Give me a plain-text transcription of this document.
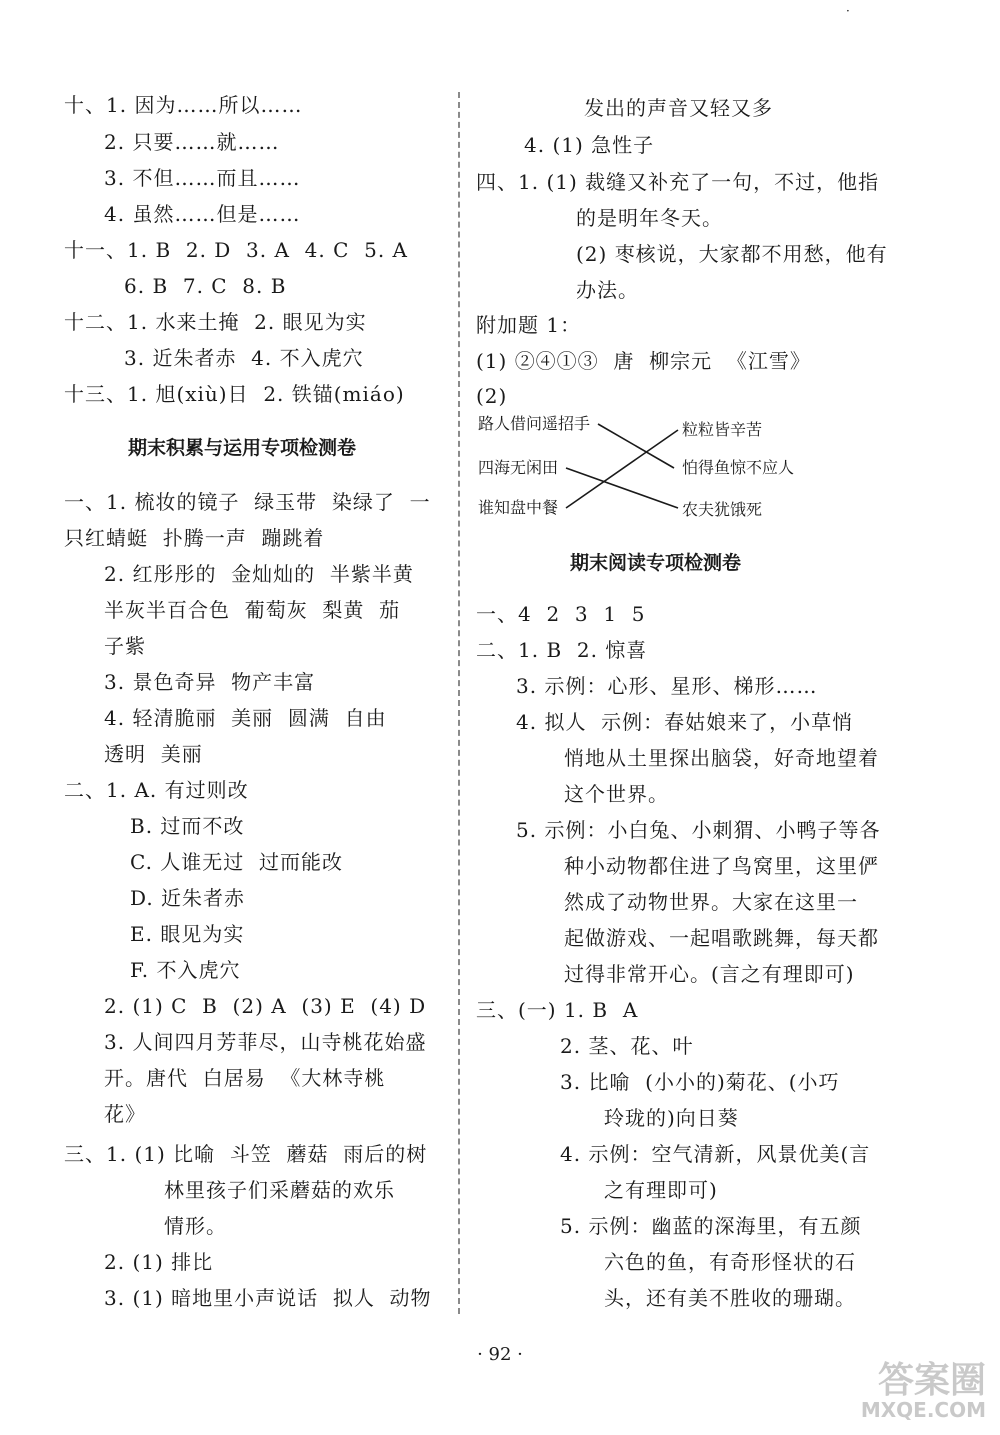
·
十、1. 因为……所以……
2. 只要……就……
3. 不但……而且……
4. 虽然……但是……
十一、1. B  2. D  3. A  4. C  5. A
6. B  7. C  8. B
十二、1. 水来土掩  2. 眼见为实
3. 近朱者赤  4. 不入虎穴
十三、1. 旭(xiù)日  2. 铁锚(miáo)
期末积累与运用专项检测卷
一、1. 梳妆的镜子  绿玉带  染绿了  一
只红蜻蜓  扑腾一声  蹦跳着
2. 红彤彤的  金灿灿的  半紫半黄
半灰半百合色  葡萄灰  梨黄  茄
子紫
3. 景色奇异  物产丰富
4. 轻清脆丽  美丽  圆满  自由
透明  美丽
二、1. A. 有过则改
B. 过而不改
C. 人谁无过  过而能改
D. 近朱者赤
E. 眼见为实
F. 不入虎穴
2. (1) C  B  (2) A  (3) E  (4) D
3. 人间四月芳菲尽，山寺桃花始盛
开。唐代  白居易  《大林寺桃
花》
三、1. (1) 比喻  斗笠  蘑菇  雨后的树
林里孩子们采蘑菇的欢乐
情形。
2. (1) 排比
3. (1) 暗地里小声说话  拟人  动物
发出的声音又轻又多
4. (1) 急性子
四、1. (1) 裁缝又补充了一句，不过，他指
的是明年冬天。
(2) 枣核说，大家都不用愁，他有
办法。
附加题 1：
(1) ②④①③  唐  柳宗元  《江雪》
(2)
期末阅读专项检测卷
一、4  2  3  1  5
二、1. B  2. 惊喜
3. 示例：心形、星形、梯形……
4. 拟人  示例：春姑娘来了，小草悄
悄地从土里探出脑袋，好奇地望着
这个世界。
5. 示例：小白兔、小刺猬、小鸭子等各
种小动物都住进了鸟窝里，这里俨
然成了动物世界。大家在这里一
起做游戏、一起唱歌跳舞，每天都
过得非常开心。(言之有理即可)
三、(一) 1. B  A
2. 茎、花、叶
3. 比喻  (小小的)菊花、(小巧
玲珑的)向日葵
4. 示例：空气清新，风景优美(言
之有理即可)
5. 示例：幽蓝的深海里，有五颜
六色的鱼，有奇形怪状的石
头，还有美不胜收的珊瑚。
路人借问遥招手
四海无闲田
谁知盘中餐
粒粒皆辛苦
怕得鱼惊不应人
农夫犹饿死
· 92 ·
答案圈
MXQE.COM
